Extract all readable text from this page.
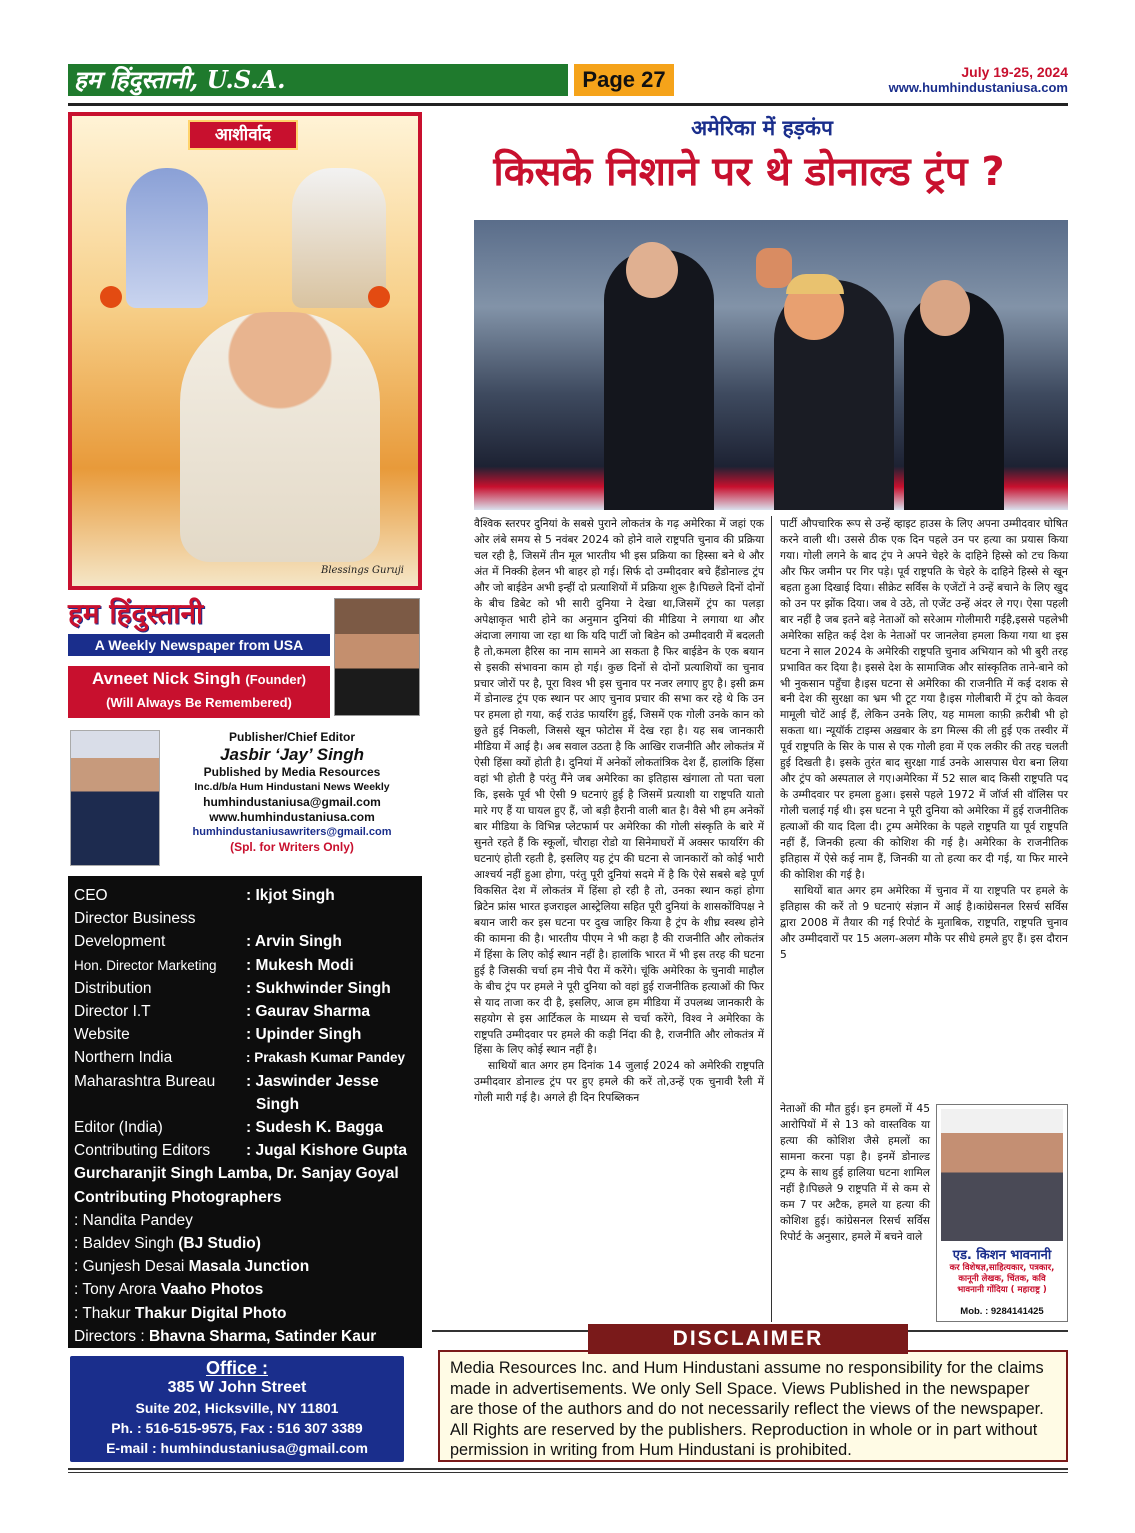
हम हिंदुस्तानी, U.S.A.	Page 27	July 19-25, 2024
www.humhindustaniusa.com
आशीर्वाद
Blessings Guruji
हम हिंदुस्तानी
A Weekly Newspaper from USA
Avneet Nick Singh (Founder)
(Will Always Be Remembered)
Publisher/Chief Editor
Jasbir ‘Jay’ Singh
Published by Media Resources
Inc.d/b/a Hum Hindustani News Weekly
humhindustaniusa@gmail.com
www.humhindustaniusa.com
humhindustaniusawriters@gmail.com
(Spl. for Writers Only)
CEO	: Ikjot Singh
Director Business
Development	: Arvin Singh
Hon. Director Marketing	: Mukesh Modi
Distribution	: Sukhwinder Singh
Director I.T	: Gaurav Sharma
Website	: Upinder Singh
Northern India	: Prakash Kumar Pandey
Maharashtra Bureau	: Jaswinder Jesse
Singh
Editor (India)	: Sudesh K. Bagga
Contributing Editors	: Jugal Kishore Gupta
Gurcharanjit Singh Lamba, Dr. Sanjay Goyal
Contributing Photographers
: Nandita Pandey
: Baldev Singh (BJ Studio)
: Gunjesh Desai Masala Junction
: Tony Arora Vaaho Photos
: Thakur Thakur Digital Photo
Directors : Bhavna Sharma, Satinder Kaur
Office :
385 W John Street
Suite 202, Hicksville, NY 11801
Ph. : 516-515-9575, Fax : 516 307 3389
E-mail : humhindustaniusa@gmail.com
अमेरिका में हड़कंप
किसके निशाने पर थे डोनाल्ड ट्रंप ?

वैश्विक स्तरपर दुनियां के सबसे पुराने लोकतंत्र के गढ़ अमेरिका में जहां एक ओर लंबे समय से 5 नवंबर 2024 को होने वाले राष्ट्रपति चुनाव की प्रक्रिया चल रही है, जिसमें तीन मूल भारतीय भी इस प्रक्रिया का हिस्सा बने थे और अंत में निक्की हेलन भी बाहर हो गई। सिर्फ दो उम्मीदवार बचे हैंडोनाल्ड ट्रंप और जो बाईडेन अभी इन्हीं दो प्रत्याशियों में प्रक्रिया शुरू है।पिछले दिनों दोनों के बीच डिबेट को भी सारी दुनिया ने देखा था,जिसमें ट्रंप का पलड़ा अपेक्षाकृत भारी होने का अनुमान दुनियां की मीडिया ने लगाया था और अंदाजा लगाया जा रहा था कि यदि पार्टी जो बिडेन को उम्मीदवारी में बदलती है तो,कमला हैरिस का नाम सामने आ सकता है फिर बाईडेन के एक बयान से इसकी संभावना काम हो गई। कुछ दिनों से दोनों प्रत्याशियों का चुनाव प्रचार जोरों पर है, पूरा विश्व भी इस चुनाव पर नजर लगाए हुए है। इसी क्रम में डोनाल्ड ट्रंप एक स्थान पर आए चुनाव प्रचार की सभा कर रहे थे कि उन पर हमला हो गया, कई राउंड फायरिंग हुई, जिसमें एक गोली उनके कान को छुते हुई निकली, जिससे खून फोटोस में देख रहा है। यह सब जानकारी मीडिया में आई है। अब सवाल उठता है कि आखिर राजनीति और लोकतंत्र में ऐसी हिंसा क्यों होती है। दुनियां में अनेकों लोकतांत्रिक देश हैं, हालांकि हिंसा वहां भी होती है परंतु मैंने जब अमेरिका का इतिहास खंगाला तो पता चला कि, इसके पूर्व भी ऐसी 9 घटनाएं हुई है जिसमें प्रत्याशी या राष्ट्रपति यातो मारे गए हैं या घायल हुए हैं, जो बड़ी हैरानी वाली बात है। वैसे भी हम अनेकों बार मीडिया के विभिन्न प्लेटफार्म पर अमेरिका की गोली संस्कृति के बारे में सुनते रहते हैं कि स्कूलों, चौराहा रोडो या सिनेमाघरों में अक्सर फायरिंग की घटनाएं होती रहती है, इसलिए यह ट्रंप की घटना से जानकारों को कोई भारी आश्चर्य नहीं हुआ होगा, परंतु पूरी दुनियां सदमे में है कि ऐसे सबसे बड़े पूर्ण विकसित देश में लोकतंत्र में हिंसा हो रही है तो, उनका स्थान कहां होगा ब्रिटेन फ्रांस भारत इजराइल आस्ट्रेलिया सहित पूरी दुनियां के शासकोंविपक्ष ने बयान जारी कर इस घटना पर दुख जाहिर किया है ट्रंप के शीघ्र स्वस्थ होने की कामना की है। भारतीय पीएम ने भी कहा है की राजनीति और लोकतंत्र में हिंसा के लिए कोई स्थान नहीं है। हालांकि भारत में भी इस तरह की घटना हुई है जिसकी चर्चा हम नीचे पैरा में करेंगे। चूंकि अमेरिका के चुनावी माहौल के बीच ट्रंप पर हमले ने पूरी दुनिया को वहां हुई राजनीतिक हत्याओं की फिर से याद ताजा कर दी है, इसलिए, आज हम मीडिया में उपलब्ध जानकारी के सहयोग से इस आर्टिकल के माध्यम से चर्चा करेंगे, विश्व ने अमेरिका के राष्ट्रपति उम्मीदवार पर हमले की कड़ी निंदा की है, राजनीति और लोकतंत्र में हिंसा के लिए कोई स्थान नहीं है।

साथियों बात अगर हम दिनांक 14 जुलाई 2024 को अमेरिकी राष्ट्रपति उम्मीदवार डोनाल्ड ट्रंप पर हुए हमले की करें तो,उन्हें एक चुनावी रैली में गोली मारी गई है। अगले ही दिन रिपब्लिकन

पार्टी औपचारिक रूप से उन्हें व्हाइट हाउस के लिए अपना उम्मीदवार घोषित करने वाली थी। उससे ठीक एक दिन पहले उन पर हत्या का प्रयास किया गया। गोली लगने के बाद ट्रंप ने अपने चेहरे के दाहिने हिस्से को टच किया और फिर जमीन पर गिर पड़े। पूर्व राष्ट्रपति के चेहरे के दाहिने हिस्से से खून बहता हुआ दिखाई दिया। सीक्रेट सर्विस के एजेंटों ने उन्हें बचाने के लिए खुद को उन पर झोंक दिया। जब वे उठे, तो एजेंट उन्हें अंदर ले गए। ऐसा पहली बार नहीं है जब इतने बड़े नेताओं को सरेआम गोलीमारी गईहै,इससे पहलेभी अमेरिका सहित कई देश के नेताओं पर जानलेवा हमला किया गया था इस घटना ने साल 2024 के अमेरिकी राष्ट्रपति चुनाव अभियान को भी बुरी तरह प्रभावित कर दिया है। इससे देश के सामाजिक और सांस्कृतिक ताने-बाने को भी नुकसान पहुँचा है।इस घटना से अमेरिका की राजनीति में कई दशक से बनी देश की सुरक्षा का भ्रम भी टूट गया है।इस गोलीबारी में ट्रंप को केवल मामूली चोटें आई हैं, लेकिन उनके लिए, यह मामला काफ़ी क़रीबी भी हो सकता था। न्यूयॉर्क टाइम्स अख़बार के डग मिल्स की ली हुई एक तस्वीर में पूर्व राष्ट्रपति के सिर के पास से एक गोली हवा में एक लकीर की तरह चलती हुई दिखती है। इसके तुरंत बाद सुरक्षा गार्ड उनके आसपास घेरा बना लिया और ट्रंप को अस्पताल ले गए।अमेरिका में 52 साल बाद किसी राष्ट्रपति पद के उम्मीदवार पर हमला हुआ। इससे पहले 1972 में जॉर्ज सी वॉलिस पर गोली चलाई गई थी। इस घटना ने पूरी दुनिया को अमेरिका में हुई राजनीतिक हत्याओं की याद दिला दी। ट्रम्प अमेरिका के पहले राष्ट्रपति या पूर्व राष्ट्रपति नहीं हैं, जिनकी हत्या की कोशिश की गई है। अमेरिका के राजनीतिक इतिहास में ऐसे कई नाम हैं, जिनकी या तो हत्या कर दी गई, या फिर मारने की कोशिश की गई है।

साथियों बात अगर हम अमेरिका में चुनाव में या राष्ट्रपति पर हमले के इतिहास की करें तो 9 घटनाएं संज्ञान में आई है।कांग्रेसनल रिसर्च सर्विस द्वारा 2008 में तैयार की गई रिपोर्ट के मुताबिक, राष्ट्रपति, राष्ट्रपति चुनाव और उम्मीदवारों पर 15 अलग-अलग मौके पर सीधे हमले हुए हैं। इस दौरान 5

नेताओं की मौत हुई। इन हमलों में 45 आरोपियों में से 13 को वास्तविक या हत्या की कोशिश जैसे हमलों का सामना करना पड़ा है। इनमें डोनाल्ड ट्रम्प के साथ हुई हालिया घटना शामिल नहीं है।पिछले 9 राष्ट्रपति में से कम से कम 7 पर अटैक, हमले या हत्या की कोशिश हुई। कांग्रेसनल रिसर्च सर्विस रिपोर्ट के अनुसार, हमले में बचने वाले

एड. किशन भावनानी
कर विशेषज्ञ,साहित्यकार, पत्रकार,
कानूनी लेखक, चिंतक, कवि
भावनानी गोंदिया ( महाराष्ट्र )
Mob. : 9284141425
Media Resources Inc. and Hum Hindustani assume no responsibility for the claims made in advertisements. We only Sell Space. Views Published in the newspaper are those of the authors and do not necessarily reflect the views of the newspaper. All Rights are reserved by the publishers. Reproduction in whole or in part without permission in writing from Hum Hindustani is prohibited.
DISCLAIMER
